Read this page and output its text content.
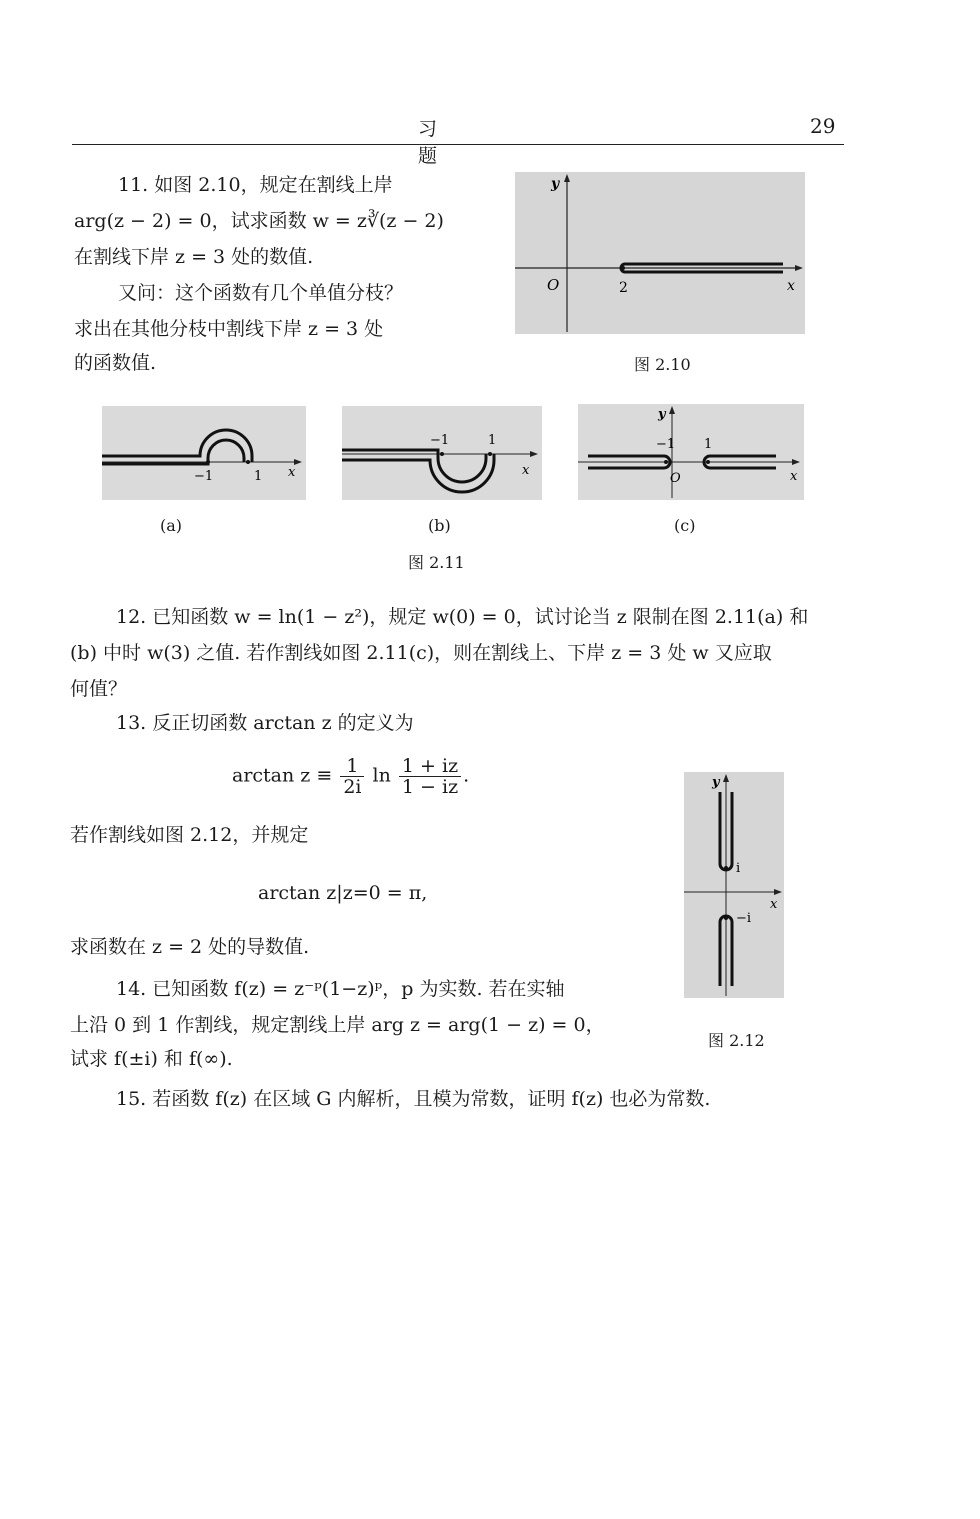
习 题
29
11. 如图 2.10，规定在割线上岸
arg(z − 2) = 0，试求函数 w = z∛(z − 2)
在割线下岸 z = 3 处的数值.
又问：这个函数有几个单值分枝？
求出在其他分枝中割线下岸 z = 3 处
的函数值.
y
x
O	2
图 2.10
−1	1 x
−1	1
x
−1 1
x
y
O
(a)	(b)	(c)
图 2.11
12. 已知函数 w = ln(1 − z²)，规定 w(0) = 0，试讨论当 z 限制在图 2.11(a) 和
(b) 中时 w(3) 之值. 若作割线如图 2.11(c)，则在割线上、下岸 z = 3 处 w 又应取
何值？
13. 反正切函数 arctan z 的定义为
$\arctan z \equiv \frac{1}{2i}$ $\ln \frac{1 + iz}{1 - iz}$ .
若作割线如图 2.12，并规定
arctan z|z=0 = π,
求函数在 z = 2 处的导数值.
y
x
i
−i
图 2.12
14. 已知函数 f(z) = z⁻ᵖ(1−z)ᵖ，p 为实数. 若在实轴
上沿 0 到 1 作割线，规定割线上岸 arg z = arg(1 − z) = 0，
试求 f(±i) 和 f(∞).
15. 若函数 f(z) 在区域 G 内解析，且模为常数，证明 f(z) 也必为常数.
